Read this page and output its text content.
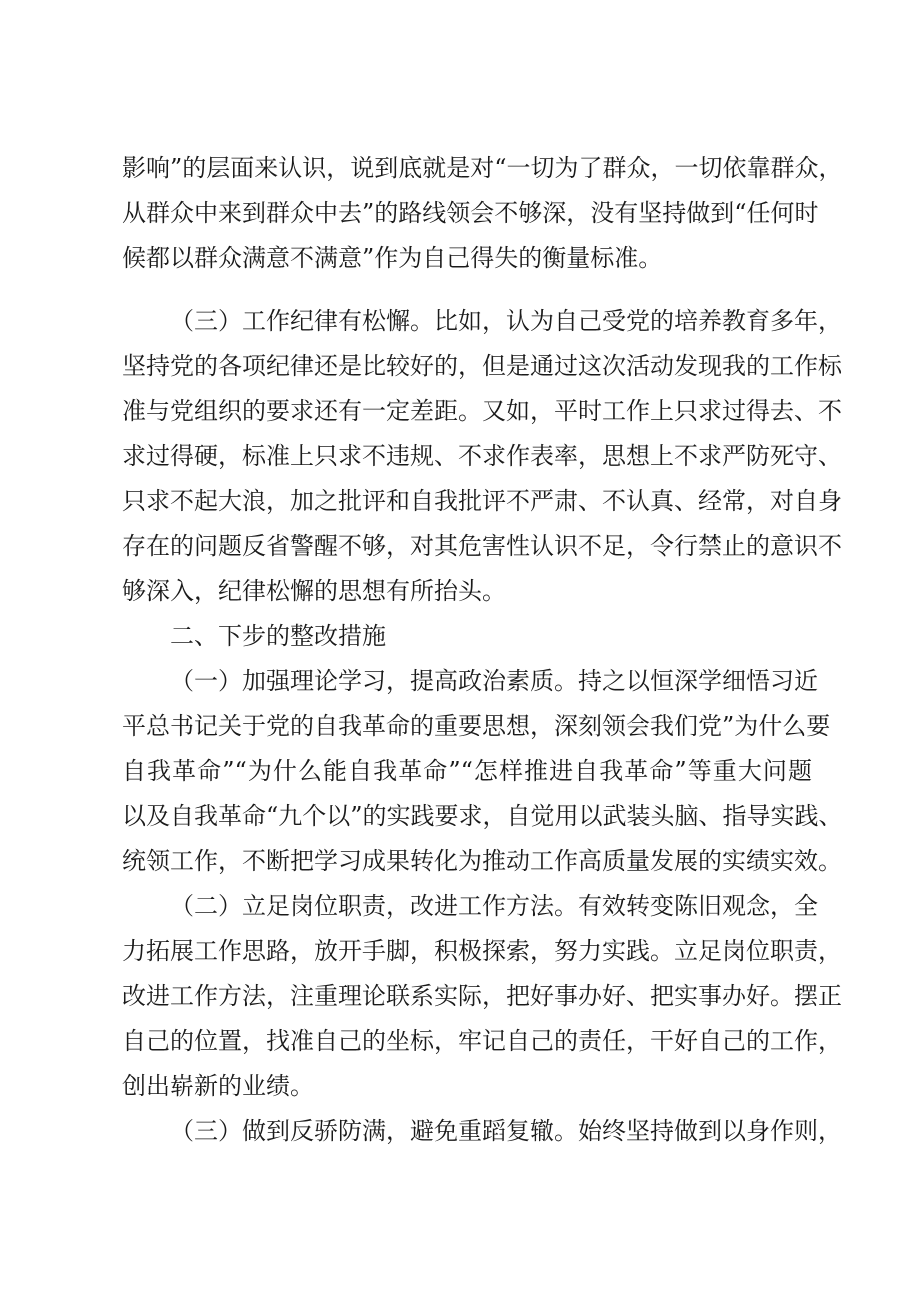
影响”的层面来认识，说到底就是对“一切为了群众，一切依靠群众，
从群众中来到群众中去”的路线领会不够深，没有坚持做到“任何时
候都以群众满意不满意”作为自己得失的衡量标准。
（三）工作纪律有松懈。比如，认为自己受党的培养教育多年，
坚持党的各项纪律还是比较好的，但是通过这次活动发现我的工作标
准与党组织的要求还有一定差距。又如，平时工作上只求过得去、不
求过得硬，标准上只求不违规、不求作表率，思想上不求严防死守、
只求不起大浪，加之批评和自我批评不严肃、不认真、经常，对自身
存在的问题反省警醒不够，对其危害性认识不足，令行禁止的意识不
够深入，纪律松懈的思想有所抬头。
二、下步的整改措施
（一）加强理论学习，提高政治素质。持之以恒深学细悟习近
平总书记关于党的自我革命的重要思想，深刻领会我们党”为什么要
自我革命”“为什么能自我革命”“怎样推进自我革命”等重大问题
以及自我革命“九个以”的实践要求，自觉用以武装头脑、指导实践、
统领工作，不断把学习成果转化为推动工作高质量发展的实绩实效。
（二）立足岗位职责，改进工作方法。有效转变陈旧观念，全
力拓展工作思路，放开手脚，积极探索，努力实践。立足岗位职责，
改进工作方法，注重理论联系实际，把好事办好、把实事办好。摆正
自己的位置，找准自己的坐标，牢记自己的责任，干好自己的工作，
创出崭新的业绩。
（三）做到反骄防满，避免重蹈复辙。始终坚持做到以身作则，
